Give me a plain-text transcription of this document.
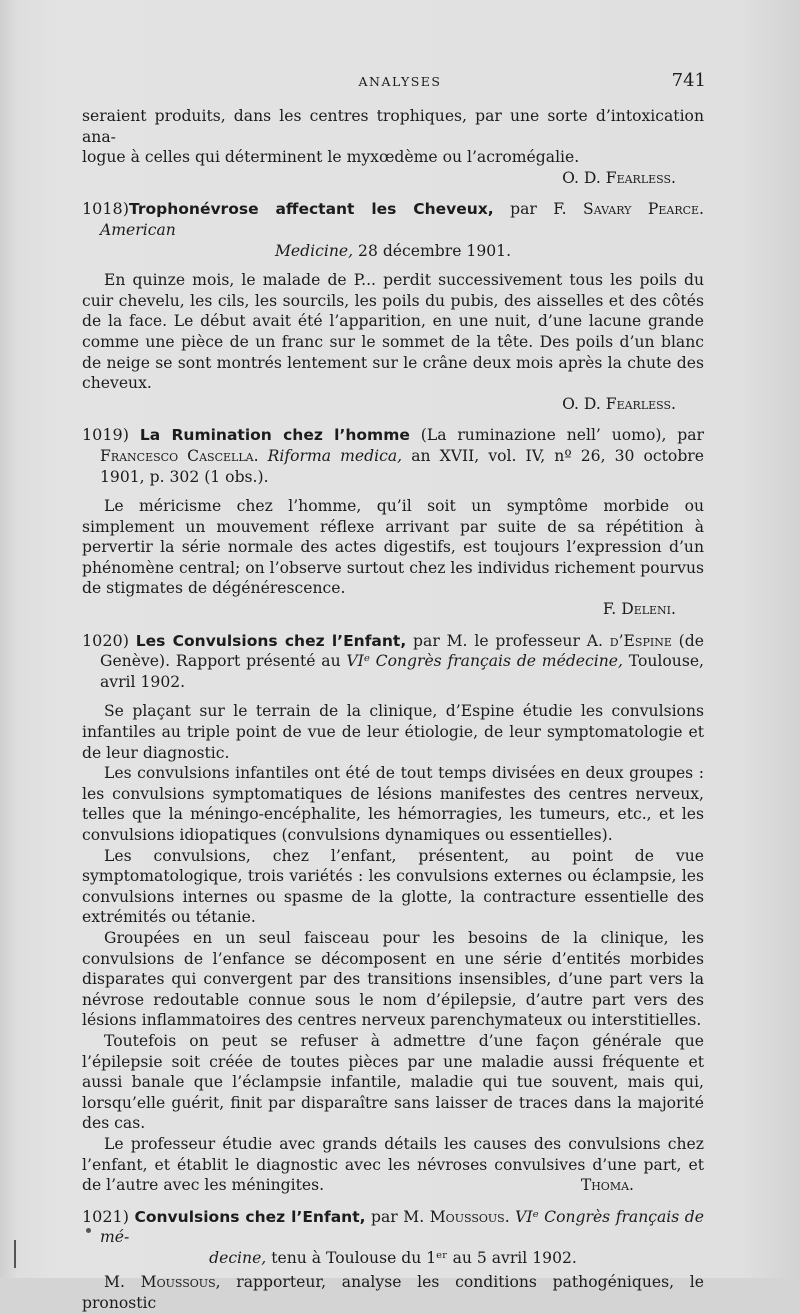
ANALYSES	741

seraient produits, dans les centres trophiques, par une sorte d’intoxication ana-

logue à celles qui déterminent le myxœdème ou l’acromégalie.

O. D. Fearless.

1018)Trophonévrose affectant les Cheveux, par F. Savary Pearce. American

Medicine, 28 décembre 1901.

En quinze mois, le malade de P... perdit successivement tous les poils du cuir chevelu, les cils, les sourcils, les poils du pubis, des aisselles et des côtés de la face. Le début avait été l’apparition, en une nuit, d’une lacune grande comme une pièce de un franc sur le sommet de la tête. Des poils d’un blanc de neige se sont montrés lentement sur le crâne deux mois après la chute des cheveux.

O. D. Fearless.

1019) La Rumination chez l’homme (La ruminazione nell’ uomo), par Francesco Cascella. Riforma medica, an XVII, vol. IV, nº 26, 30 octobre 1901, p. 302 (1 obs.).

Le méricisme chez l’homme, qu’il soit un symptôme morbide ou simplement un mouvement réflexe arrivant par suite de sa répétition à pervertir la série normale des actes digestifs, est toujours l’expression d’un phénomène central; on l’observe surtout chez les individus richement pourvus de stigmates de dégénérescence.

F. Deleni.

1020) Les Convulsions chez l’Enfant, par M. le professeur A. d’Espine (de Genève). Rapport présenté au VIᵉ Congrès français de médecine, Toulouse, avril 1902.

Se plaçant sur le terrain de la clinique, d’Espine étudie les convulsions infantiles au triple point de vue de leur étiologie, de leur symptomatologie et de leur diagnostic.

Les convulsions infantiles ont été de tout temps divisées en deux groupes : les convulsions symptomatiques de lésions manifestes des centres nerveux, telles que la méningo-encéphalite, les hémorragies, les tumeurs, etc., et les convulsions idiopatiques (convulsions dynamiques ou essentielles).

Les convulsions, chez l’enfant, présentent, au point de vue symptomatologique, trois variétés : les convulsions externes ou éclampsie, les convulsions internes ou spasme de la glotte, la contracture essentielle des extrémités ou tétanie.

Groupées en un seul faisceau pour les besoins de la clinique, les convulsions de l’enfance se décomposent en une série d’entités morbides disparates qui convergent par des transitions insensibles, d’une part vers la névrose redoutable connue sous le nom d’épilepsie, d’autre part vers des lésions inflammatoires des centres nerveux parenchymateux ou interstitielles.

Toutefois on peut se refuser à admettre d’une façon générale que l’épilepsie soit créée de toutes pièces par une maladie aussi fréquente et aussi banale que l’éclampsie infantile, maladie qui tue souvent, mais qui, lorsqu’elle guérit, finit par disparaître sans laisser de traces dans la majorité des cas.

Le professeur étudie avec grands détails les causes des convulsions chez l’enfant, et établit le diagnostic avec les névroses convulsives d’une part, et de l’autre avec les méningites.	Thoma.

1021) Convulsions chez l’Enfant, par M. Moussous. VIᵉ Congrès français de mé-

decine, tenu à Toulouse du 1ᵉʳ au 5 avril 1902.

M. Moussous, rapporteur, analyse les conditions pathogéniques, le pronostic
